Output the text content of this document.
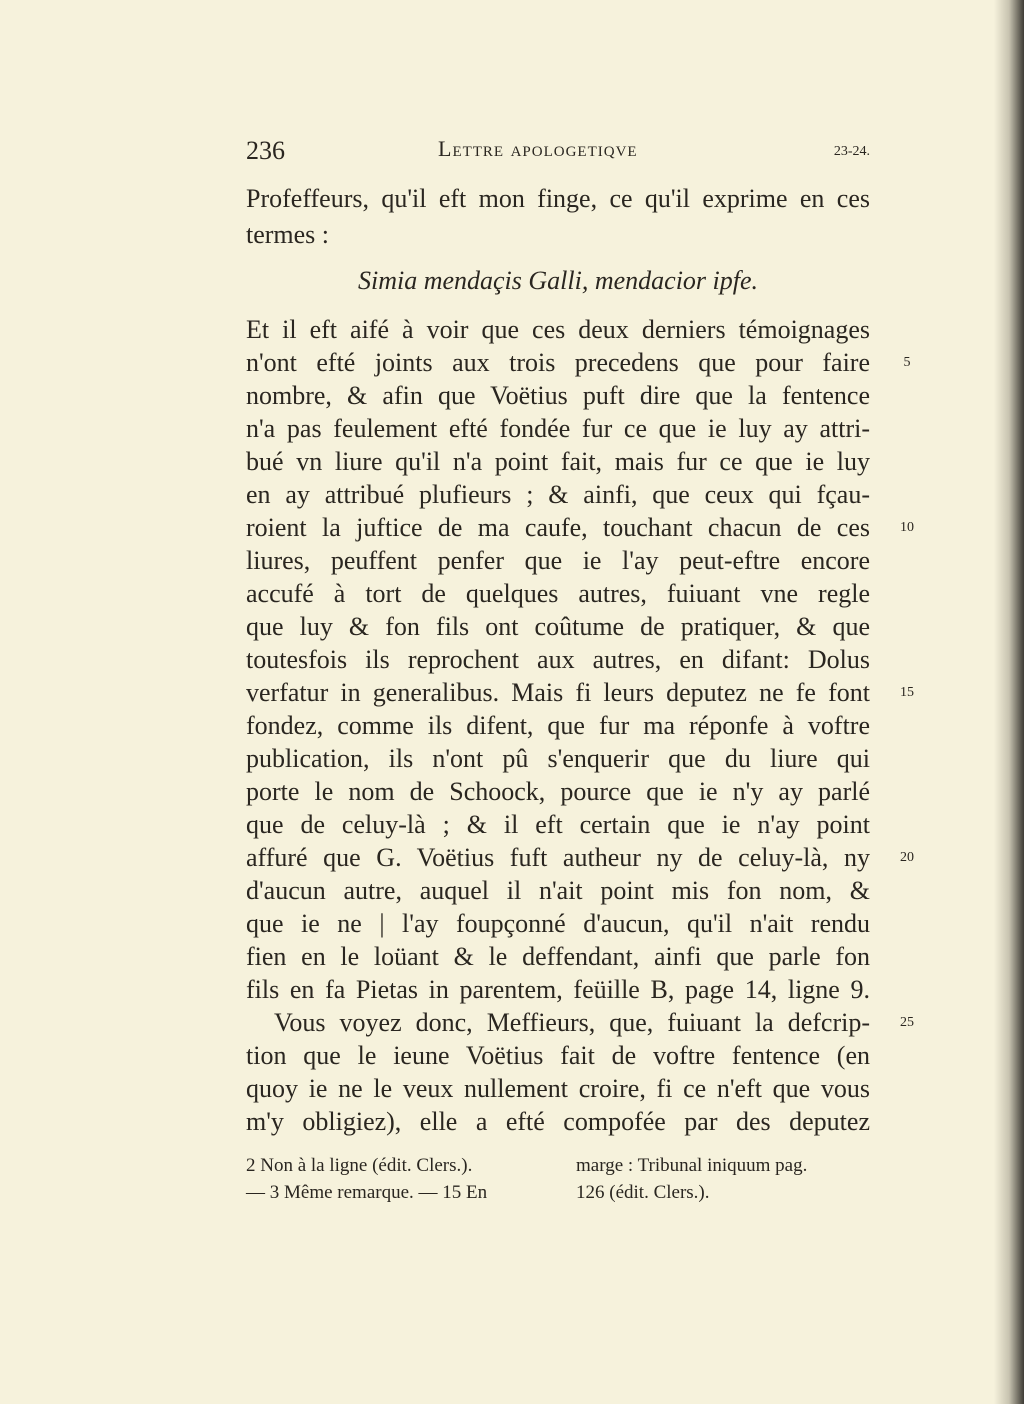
236	Lettre apologetiqve	23-24.
Profeffeurs, qu'il eft mon finge, ce qu'il exprime en ces
termes :
Simia mendaçis Galli, mendacior ipfe.
Et il eft aifé à voir que ces deux derniers témoignages
n'ont efté joints aux trois precedens que pour faire
nombre, & afin que Voëtius puft dire que la fentence
n'a pas feulement efté fondée fur ce que ie luy ay attri-
bué vn liure qu'il n'a point fait, mais fur ce que ie luy
en ay attribué plufieurs ; & ainfi, que ceux qui fçau-
roient la juftice de ma caufe, touchant chacun de ces
liures, peuffent penfer que ie l'ay peut-eftre encore
accufé à tort de quelques autres, fuiuant vne regle
que luy & fon fils ont coûtume de pratiquer, & que
toutesfois ils reprochent aux autres, en difant: Dolus
verfatur in generalibus. Mais fi leurs deputez ne fe font
fondez, comme ils difent, que fur ma réponfe à voftre
publication, ils n'ont pû s'enquerir que du liure qui
porte le nom de Schoock, pource que ie n'y ay parlé
que de celuy-là ; & il eft certain que ie n'ay point
affuré que G. Voëtius fuft autheur ny de celuy-là, ny
d'aucun autre, auquel il n'ait point mis fon nom, &
que ie ne | l'ay foupçonné d'aucun, qu'il n'ait rendu
fien en le loüant & le deffendant, ainfi que parle fon
fils en fa Pietas in parentem, feüille B, page 14, ligne 9.
Vous voyez donc, Meffieurs, que, fuiuant la defcrip-
tion que le ieune Voëtius fait de voftre fentence (en
quoy ie ne le veux nullement croire, fi ce n'eft que vous
m'y obligiez), elle a efté compofée par des deputez
5
10
15
20
25
2 Non à la ligne (édit. Clers.).
— 3 Même remarque. — 15 En
marge : Tribunal iniquum pag.
126 (édit. Clers.).
